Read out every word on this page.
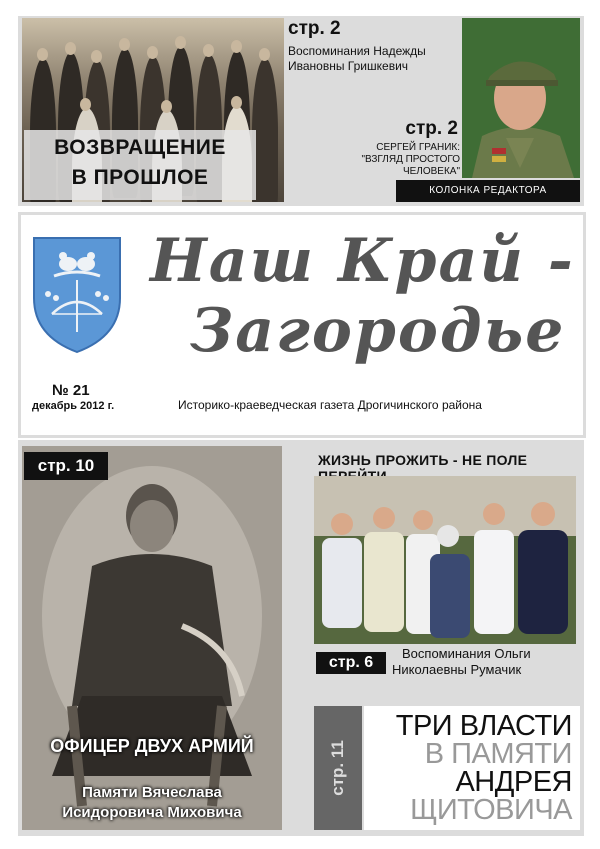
ВОЗВРАЩЕНИЕ
В ПРОШЛОЕ
стр. 2
Воспоминания Надежды
Ивановны Гришкевич
стр. 2
СЕРГЕЙ ГРАНИК:
"ВЗГЛЯД ПРОСТОГО
ЧЕЛОВЕКА"
КОЛОНКА РЕДАКТОРА
Наш Край -
Загородье
№ 21
декабрь 2012 г.	Историко-краеведческая газета Дрогичинского района
стр. 10
ОФИЦЕР ДВУХ АРМИЙ
Памяти Вячеслава
Исидоровича Миховича
ЖИЗНЬ ПРОЖИТЬ - НЕ ПОЛЕ
стр. 6
Воспоминания Ольги
Николаевны Румачик
стр. 11
ТРИ ВЛАСТИ
В ПАМЯТИ
АНДРЕЯ
ЩИТОВИЧА
